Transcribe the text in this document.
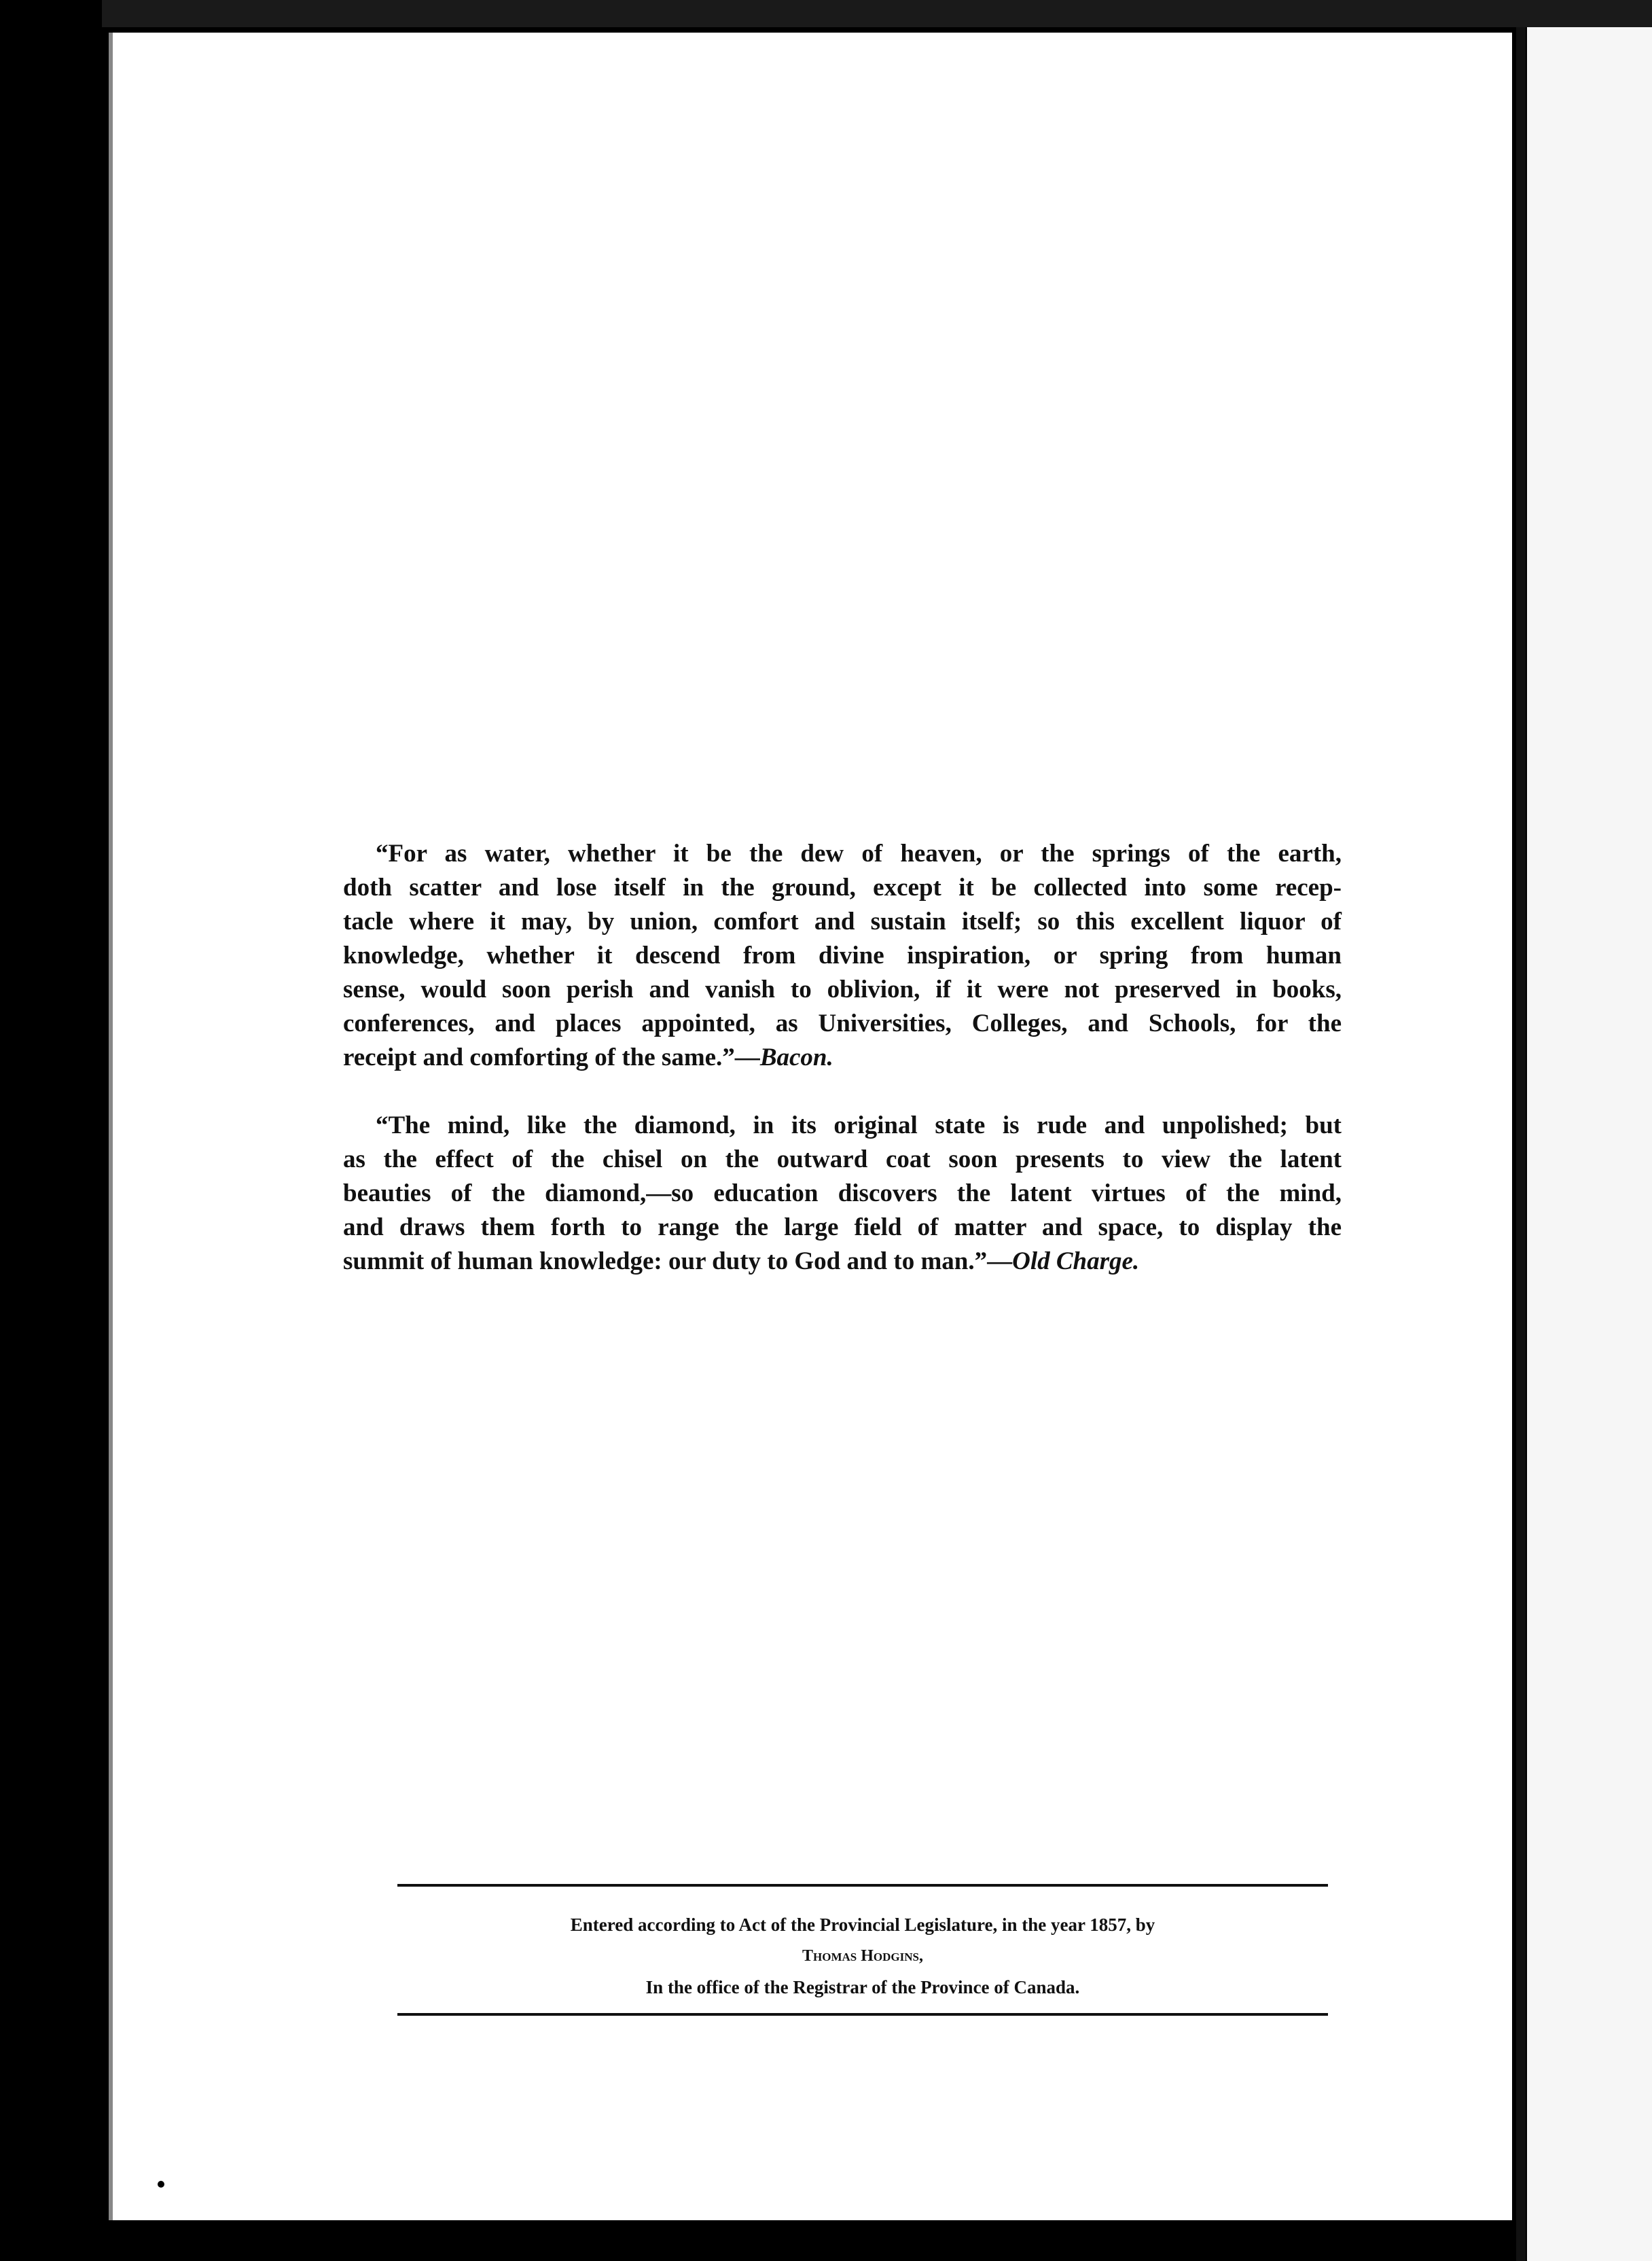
“For as water, whether it be the dew of heaven, or the springs of the earth,
doth scatter and lose itself in the ground, except it be collected into some recep-
tacle where it may, by union, comfort and sustain itself; so this excellent liquor of
knowledge, whether it descend from divine inspiration, or spring from human
sense, would soon perish and vanish to oblivion, if it were not preserved in books,
conferences, and places appointed, as Universities, Colleges, and Schools, for the
receipt and comforting of the same.”—Bacon.
“The mind, like the diamond, in its original state is rude and unpolished; but
as the effect of the chisel on the outward coat soon presents to view the latent
beauties of the diamond,—so education discovers the latent virtues of the mind,
and draws them forth to range the large field of matter and space, to display the
summit of human knowledge: our duty to God and to man.”—Old Charge.
Entered according to Act of the Provincial Legislature, in the year 1857, by
Thomas Hodgins,
In the office of the Registrar of the Province of Canada.
